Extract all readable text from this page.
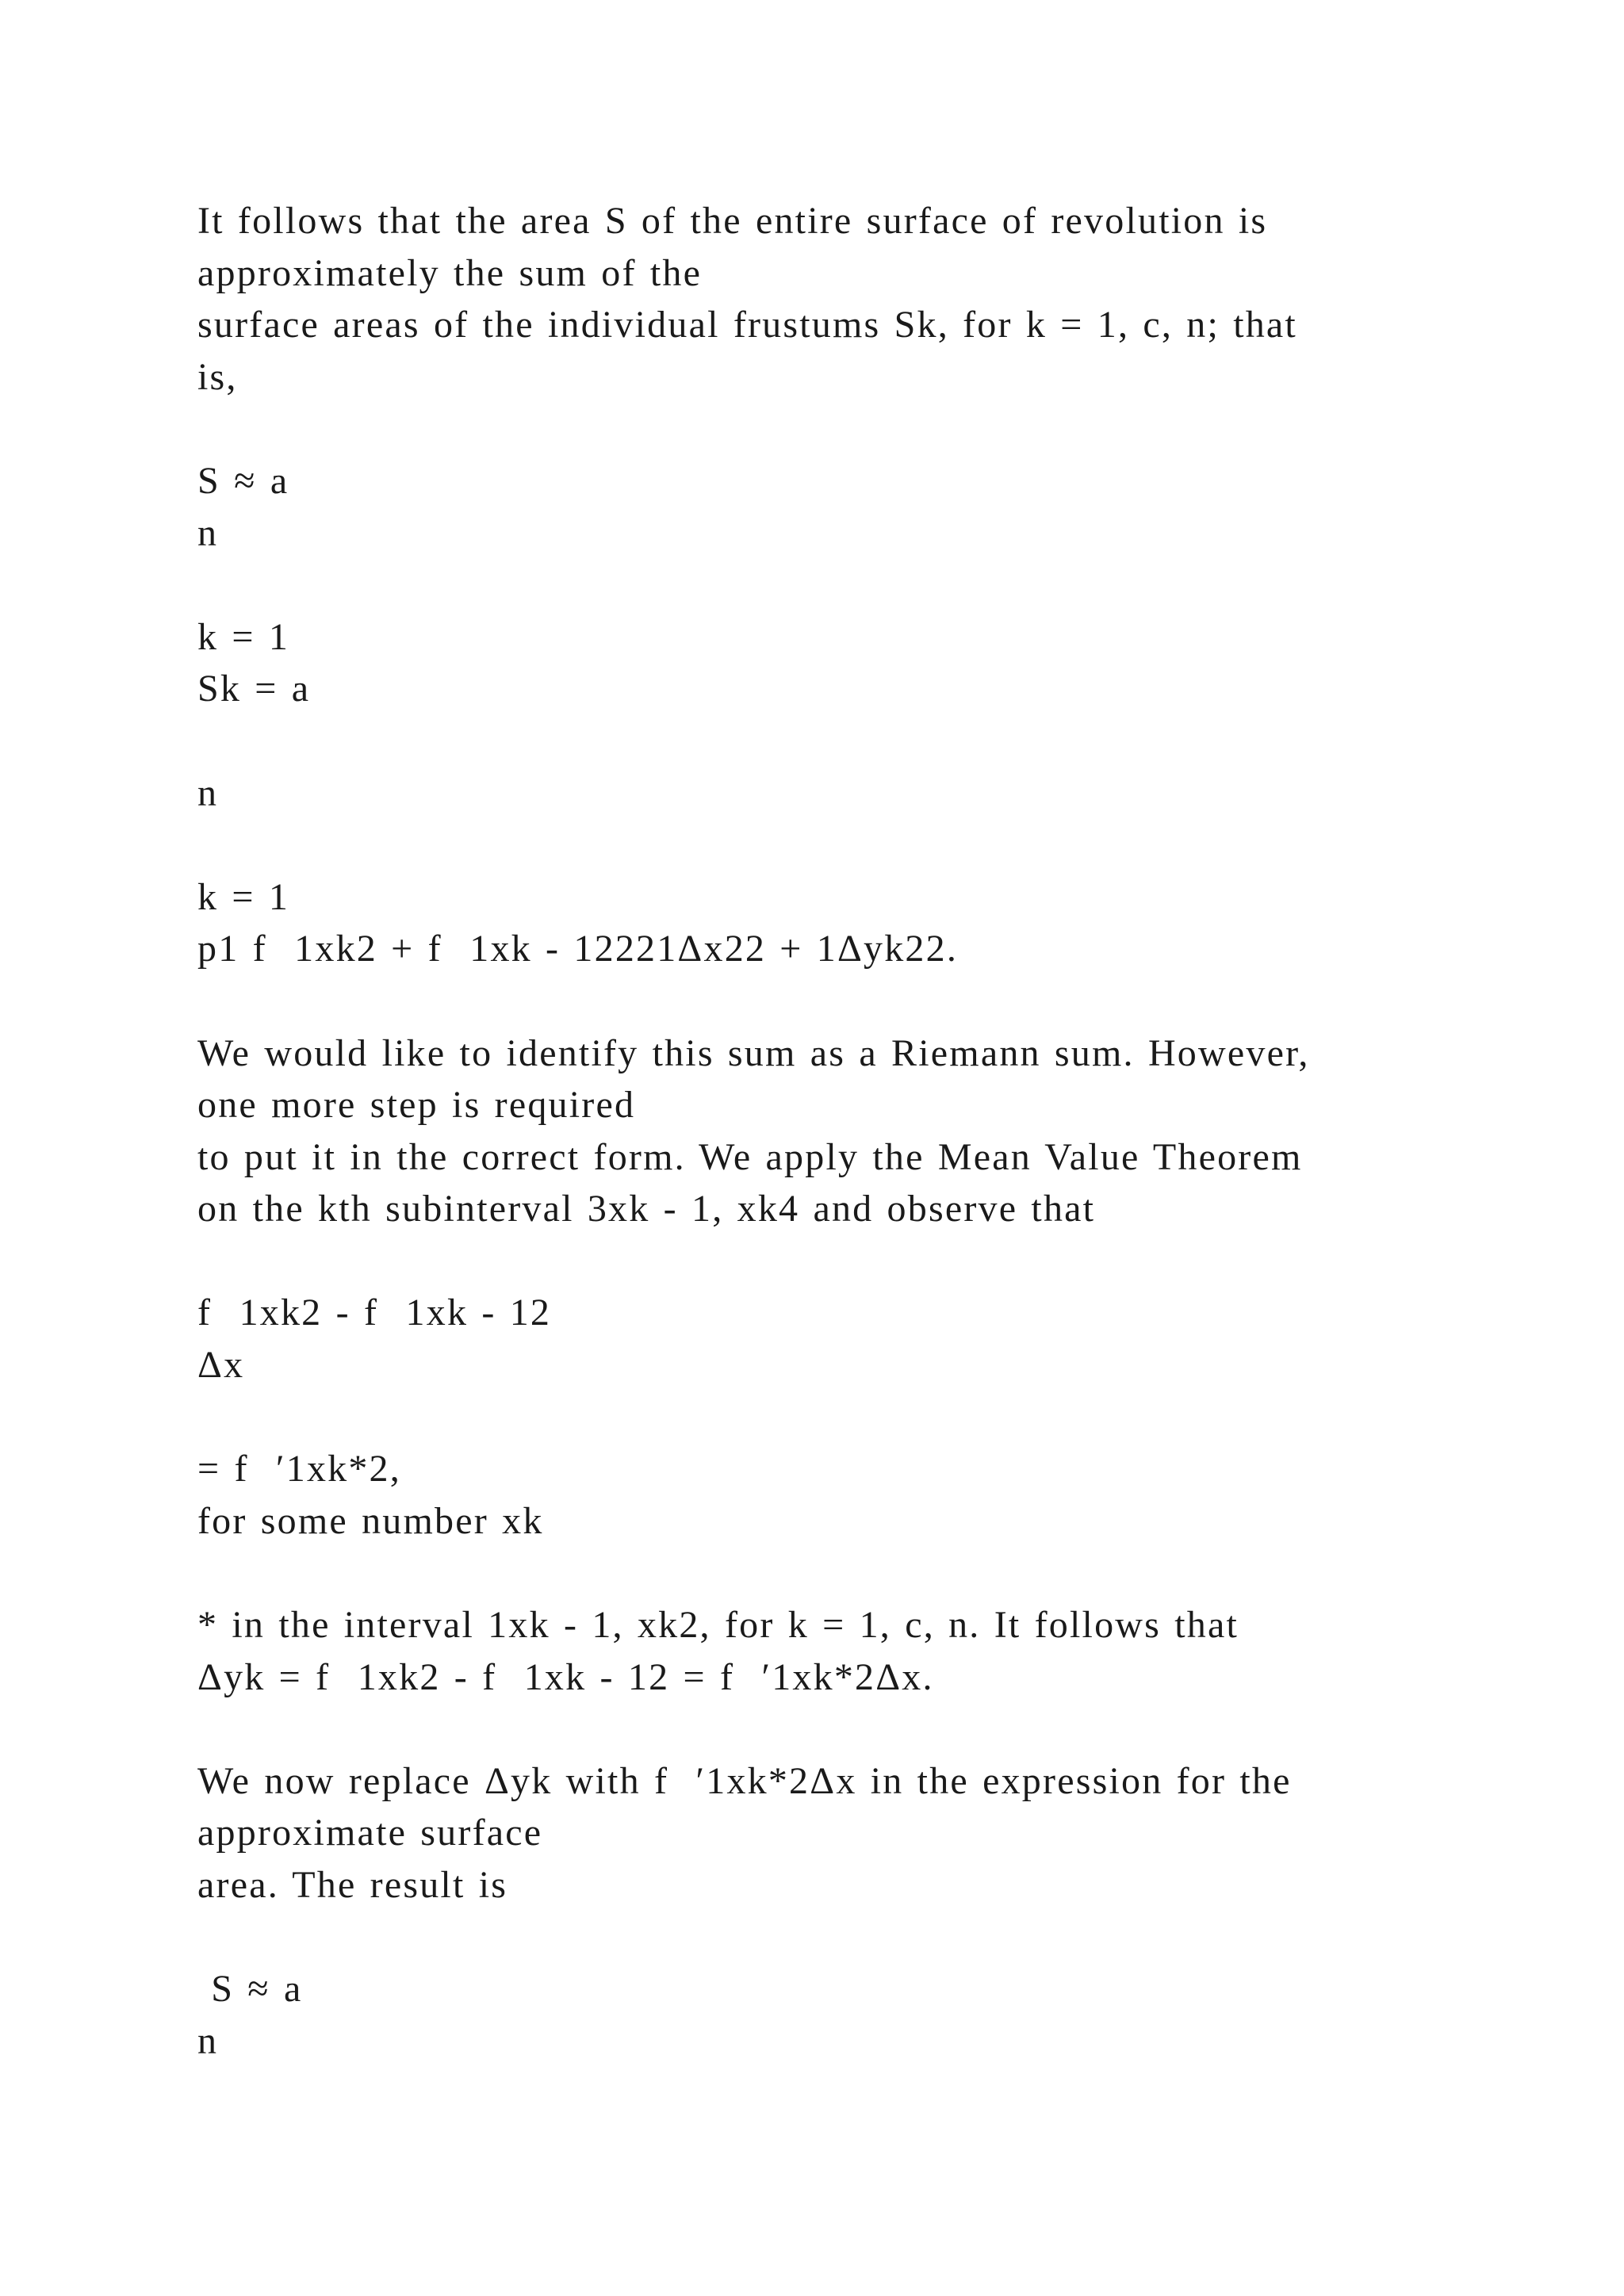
It follows that the area S of the entire surface of revolution is
approximately the sum of the
surface areas of the individual frustums Sk, for k = 1, c, n; that
is,
S ≈ a
n
k = 1
Sk = a
n
k = 1
p1 f  1xk2 + f  1xk - 12221Δx22 + 1Δyk22.
We would like to identify this sum as a Riemann sum. However,
one more step is required
to put it in the correct form. We apply the Mean Value Theorem
on the kth subinterval 3xk - 1, xk4 and observe that
f  1xk2 - f  1xk - 12
Δx
= f  ′1xk*2,
for some number xk
* in the interval 1xk - 1, xk2, for k = 1, c, n. It follows that
Δyk = f  1xk2 - f  1xk - 12 = f  ′1xk*2Δx.
We now replace Δyk with f  ′1xk*2Δx in the expression for the
approximate surface
area. The result is
S ≈ a
n
